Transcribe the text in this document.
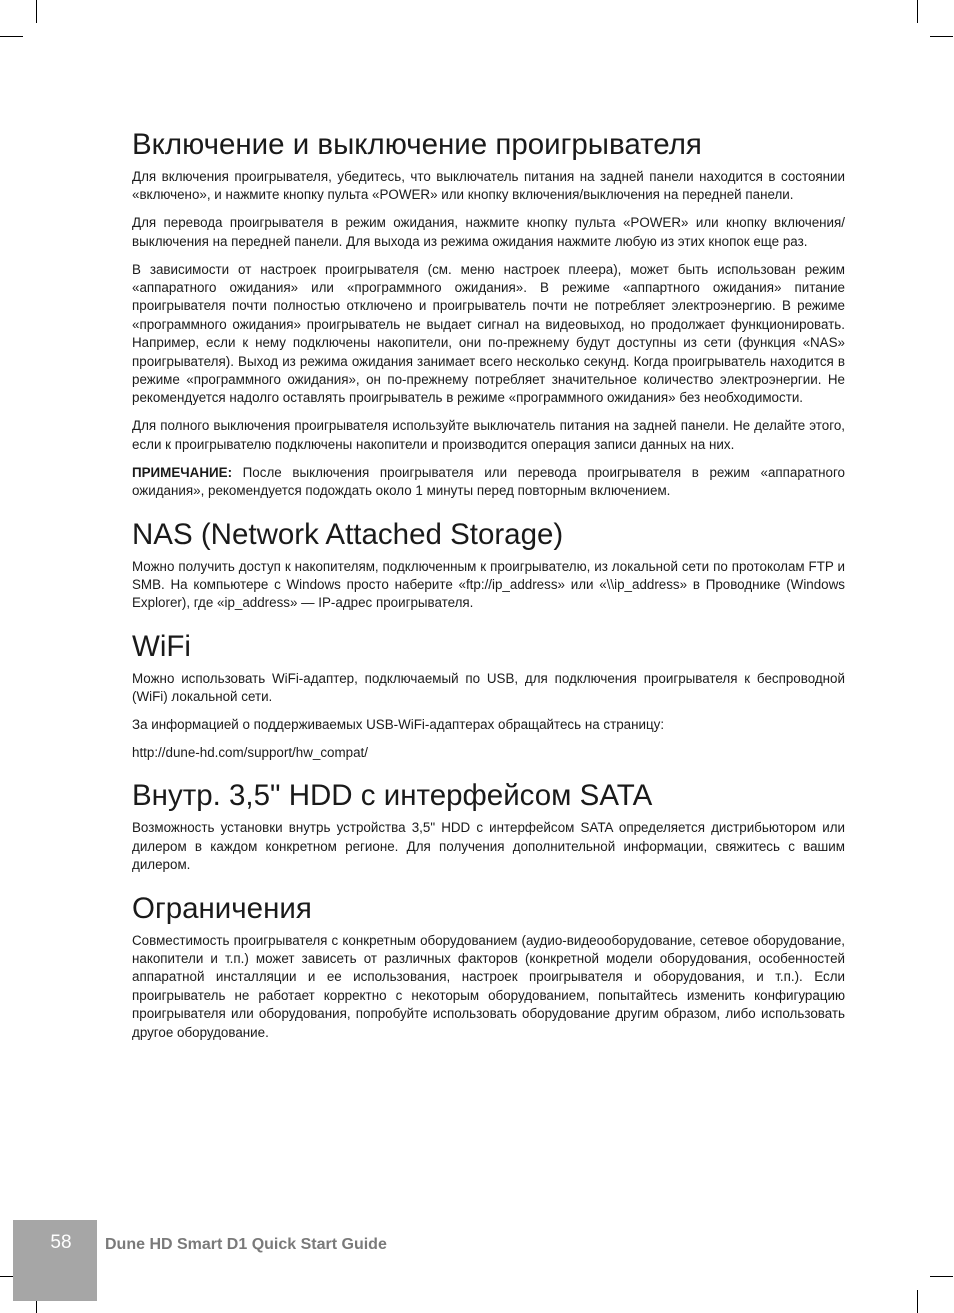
Включение и выключение проигрывателя

Для включения проигрывателя, убедитесь, что выключатель питания на задней панели находится в состоянии «включено», и нажмите кнопку пульта «POWER» или кнопку включения/выключения на передней панели.

Для перевода проигрывателя в режим ожидания, нажмите кнопку пульта «POWER» или кнопку включения/выключения на передней панели. Для выхода из режима ожидания нажмите любую из этих кнопок еще раз.

В зависимости от настроек проигрывателя (см. меню настроек плеера), может быть использован режим «аппаратного ожидания» или «программного ожидания». В режиме «аппартного ожидания» питание проигрывателя почти полностью отключено и проигрыватель почти не потребляет электроэнергию. В режиме «программного ожидания» проигрыватель не выдает сигнал на видеовыход, но продолжает функционировать. Например, если к нему подключены накопители, они по-прежнему будут доступны из сети (функция «NAS» проигрывателя). Выход из режима ожидания занимает всего несколько секунд. Когда проигрыватель находится в режиме «программного ожидания», он по-прежнему потребляет значительное количество электроэнергии. Не рекомендуется надолго оставлять проигрыватель в режиме «программного ожидания» без необходимости.

Для полного выключения проигрывателя используйте выключатель питания на задней панели. Не делайте этого, если к проигрывателю подключены накопители и производится операция записи данных на них.

ПРИМЕЧАНИЕ: После выключения проигрывателя или перевода проигрывателя в режим «аппаратного ожидания», рекомендуется подождать около 1 минуты перед повторным включением.

NAS (Network Attached Storage)

Можно получить доступ к накопителям, подключенным к проигрывателю, из локальной сети по протоколам FTP и SMB. На компьютере с Windows просто наберите «ftp://ip_address» или «\\ip_address» в Проводнике (Windows Explorer), где «ip_address» — IP-адрес проигрывателя.

WiFi

Можно использовать WiFi-адаптер, подключаемый по USB, для подключения проигрывателя к беспроводной (WiFi) локальной сети.

За информацией о поддерживаемых USB-WiFi-адаптерах обращайтесь на страницу:

http://dune-hd.com/support/hw_compat/

Внутр. 3,5" HDD с интерфейсом SATA

Возможность установки внутрь устройства 3,5" HDD с интерфейсом SATA определяется дистрибьютором или дилером в каждом конкретном регионе. Для получения дополнительной информации, свяжитесь с вашим дилером.

Ограничения

Совместимость проигрывателя с конкретным оборудованием (аудио-видеооборудование, сетевое оборудование, накопители и т.п.) может зависеть от различных факторов (конкретной модели оборудования, особенностей аппаратной инсталляции и ее использования, настроек проигрывателя и оборудования, и т.п.). Если проигрыватель не работает корректно с некоторым оборудованием, попытайтесь изменить конфигурацию проигрывателя или оборудования, попробуйте использовать оборудование другим образом, либо использовать другое оборудование.

58	Dune HD Smart D1 Quick Start Guide
